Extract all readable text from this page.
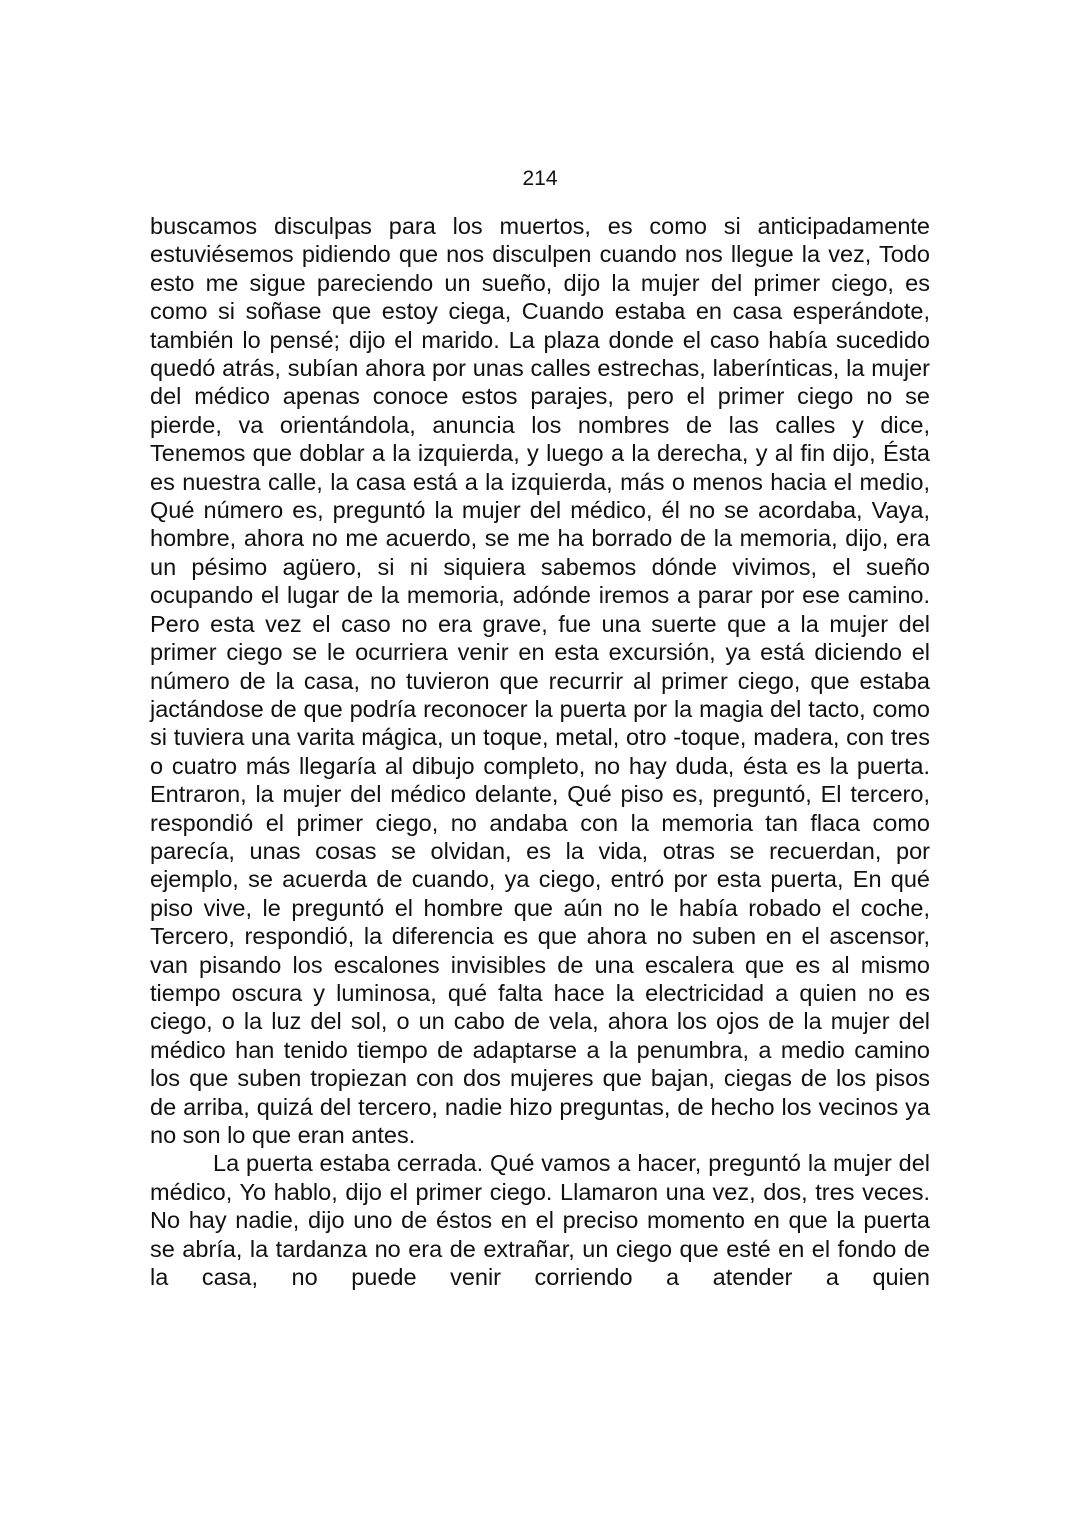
214

buscamos disculpas para los muertos, es como si anticipadamente estuviésemos pidiendo que nos disculpen cuando nos llegue la vez, Todo esto me sigue pareciendo un sueño, dijo la mujer del primer ciego, es como si soñase que estoy ciega, Cuando estaba en casa esperándote, también lo pensé; dijo el marido. La plaza donde el caso había sucedido quedó atrás, subían ahora por unas calles estrechas, laberínticas, la mujer del médico apenas conoce estos parajes, pero el primer ciego no se pierde, va orientándola, anuncia los nombres de las calles y dice, Tenemos que doblar a la izquierda, y luego a la derecha, y al fin dijo, Ésta es nuestra calle, la casa está a la izquierda, más o menos hacia el medio, Qué número es, preguntó la mujer del médico, él no se acordaba, Vaya, hombre, ahora no me acuerdo, se me ha borrado de la memoria, dijo, era un pésimo agüero, si ni siquiera sabemos dónde vivimos, el sueño ocupando el lugar de la memoria, adónde iremos a parar por ese camino. Pero esta vez el caso no era grave, fue una suerte que a la mujer del primer ciego se le ocurriera venir en esta excursión, ya está diciendo el número de la casa, no tuvieron que recurrir al primer ciego, que estaba jactándose de que podría reconocer la puerta por la magia del tacto, como si tuviera una varita mágica, un toque, metal, otro -toque, madera, con tres o cuatro más llegaría al dibujo completo, no hay duda, ésta es la puerta. Entraron, la mujer del médico delante, Qué piso es, preguntó, El tercero, respondió el primer ciego, no andaba con la memoria tan flaca como parecía, unas cosas se olvidan, es la vida, otras se recuerdan, por ejemplo, se acuerda de cuando, ya ciego, entró por esta puerta, En qué piso vive, le preguntó el hombre que aún no le había robado el coche, Tercero, respondió, la diferencia es que ahora no suben en el ascensor, van pisando los escalones invisibles de una escalera que es al mismo tiempo oscura y luminosa, qué falta hace la electricidad a quien no es ciego, o la luz del sol, o un cabo de vela, ahora los ojos de la mujer del médico han tenido tiempo de adaptarse a la penumbra, a medio camino los que suben tropiezan con dos mujeres que bajan, ciegas de los pisos de arriba, quizá del tercero, nadie hizo preguntas, de hecho los vecinos ya no son lo que eran antes.

La puerta estaba cerrada. Qué vamos a hacer, preguntó la mujer del médico, Yo hablo, dijo el primer ciego. Llamaron una vez, dos, tres veces. No hay nadie, dijo uno de éstos en el preciso momento en que la puerta se abría, la tardanza no era de extrañar, un ciego que esté en el fondo de la casa, no puede venir corriendo a atender a quien
